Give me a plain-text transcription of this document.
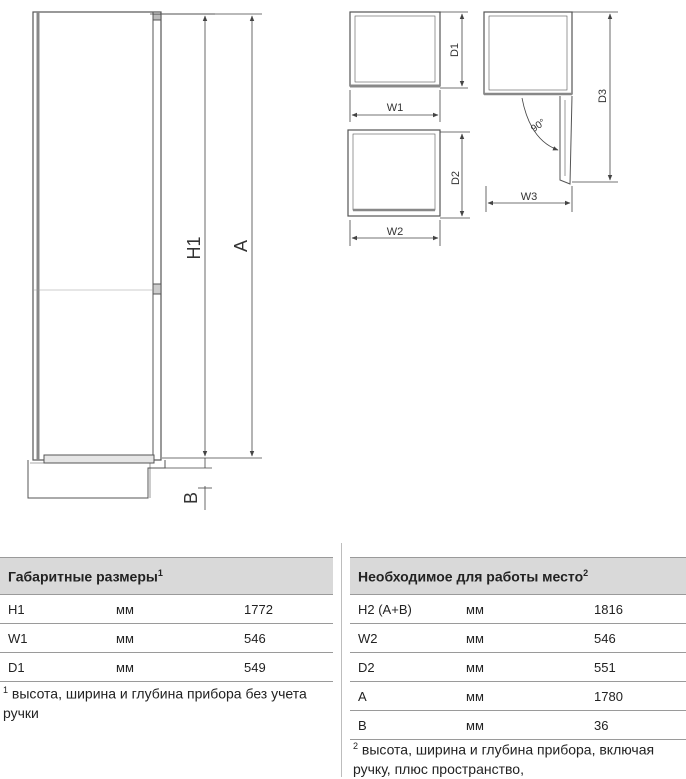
H1 A
B
D1
W1
D2
W2
90°
D3
W3
Габаритные размеры$^1$
H1	мм	1772
W1	мм	546
D1	мм	549
Необходимое для работы место$^2$
H2 (A+B)	мм	1816
W2	мм	546
D2	мм	551
A	мм	1780
B	мм	36
$^1$ высота, ширина и глубина прибора без учета ручки
$^2$ высота, ширина и глубина прибора, включая ручку, плюс пространство,
